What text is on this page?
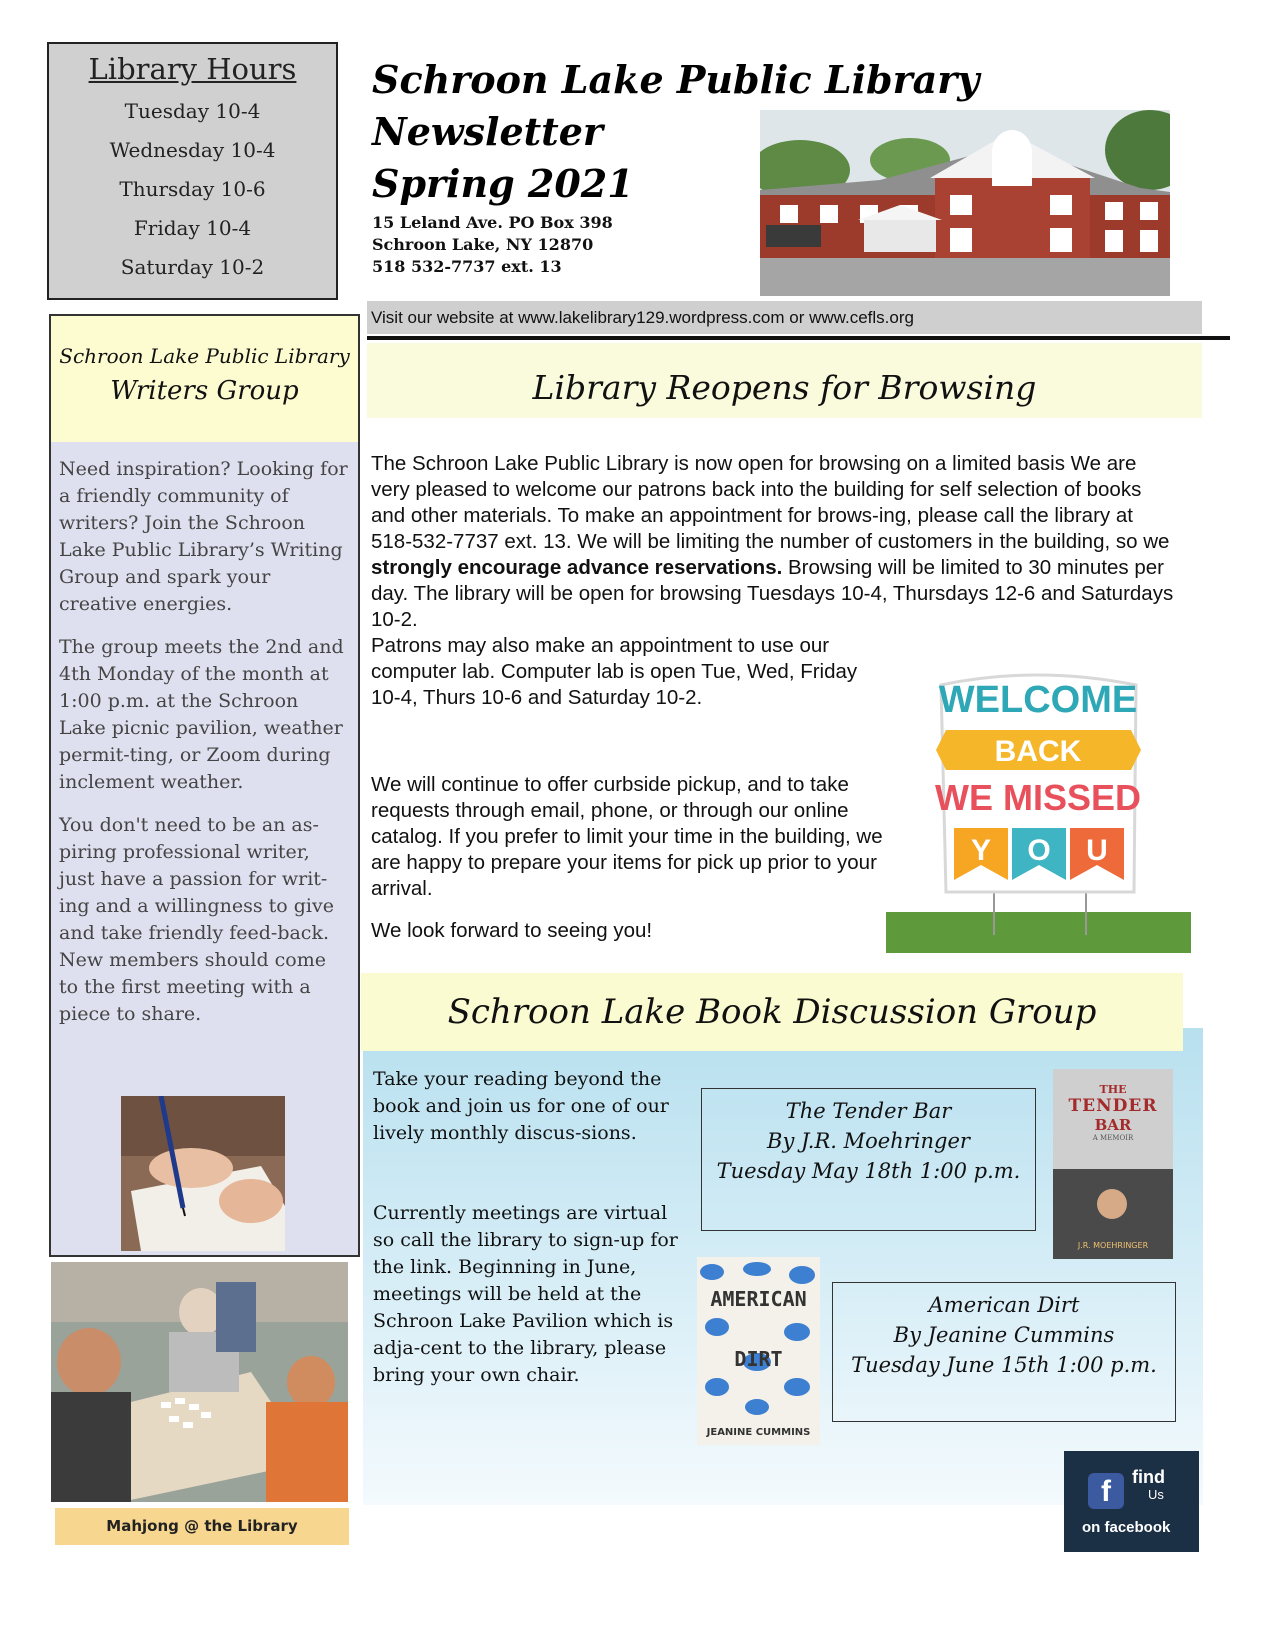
Library Hours
Tuesday 10-4
Wednesday 10-4
Thursday 10-6
Friday 10-4
Saturday 10-2
Schroon Lake Public Library
Newsletter
Spring 2021
15 Leland Ave. PO Box 398
Schroon Lake, NY 12870
518 532-7737 ext. 13
Visit our website at www.lakelibrary129.wordpress.com or www.cefls.org
Schroon Lake Public Library
Writers Group

Need inspiration? Looking for a friendly community of writers? Join the Schroon Lake Public Library’s Writing Group and spark your creative energies.

The group meets the 2nd and 4th Monday of the month at 1:00 p.m. at the Schroon Lake picnic pavilion, weather permit-ting, or Zoom during inclement weather.

You don't need to be an as-piring professional writer, just have a passion for writ-ing and a willingness to give and take friendly feed-back. New members should come to the first meeting with a piece to share.

Mahjong @ the Library
Library Reopens for Browsing
The Schroon Lake Public Library is now open for browsing on a limited basis We are very pleased to welcome our patrons back into the building for self selection of books and other materials. To make an appointment for brows-ing, please call the library at 518-532-7737 ext. 13. We will be limiting the number of customers in the building, so we strongly encourage advance reservations. Browsing will be limited to 30 minutes per day. The library will be open for browsing Tuesdays 10-4, Thursdays 12-6 and Saturdays 10-2.
Patrons may also make an appointment to use our computer lab. Computer lab is open Tue, Wed, Friday 10-4, Thurs 10-6 and Saturday 10-2.
We will continue to offer curbside pickup, and to take requests through email, phone, or through our online catalog. If you prefer to limit your time in the building, we are happy to prepare your items for pick up prior to your arrival.
We look forward to seeing you!
WELCOME
BACK
WE MISSED
Y O U
Schroon Lake Book Discussion Group
Take your reading beyond the book and join us for one of our lively monthly discus-sions.
Currently meetings are virtual so call the library to sign-up for the link. Beginning in June, meetings will be held at the Schroon Lake Pavilion which is adja-cent to the library, please bring your own chair.
The Tender Bar
By J.R. Moehringer
Tuesday May 18th 1:00 p.m.
American Dirt
By Jeanine Cummins
Tuesday June 15th 1:00 p.m.
THE
TENDER
BAR
A MEMOIR
J.R. MOEHRINGER
AMERICAN
DIRT
JEANINE CUMMINS
f	find
Us
on facebook
